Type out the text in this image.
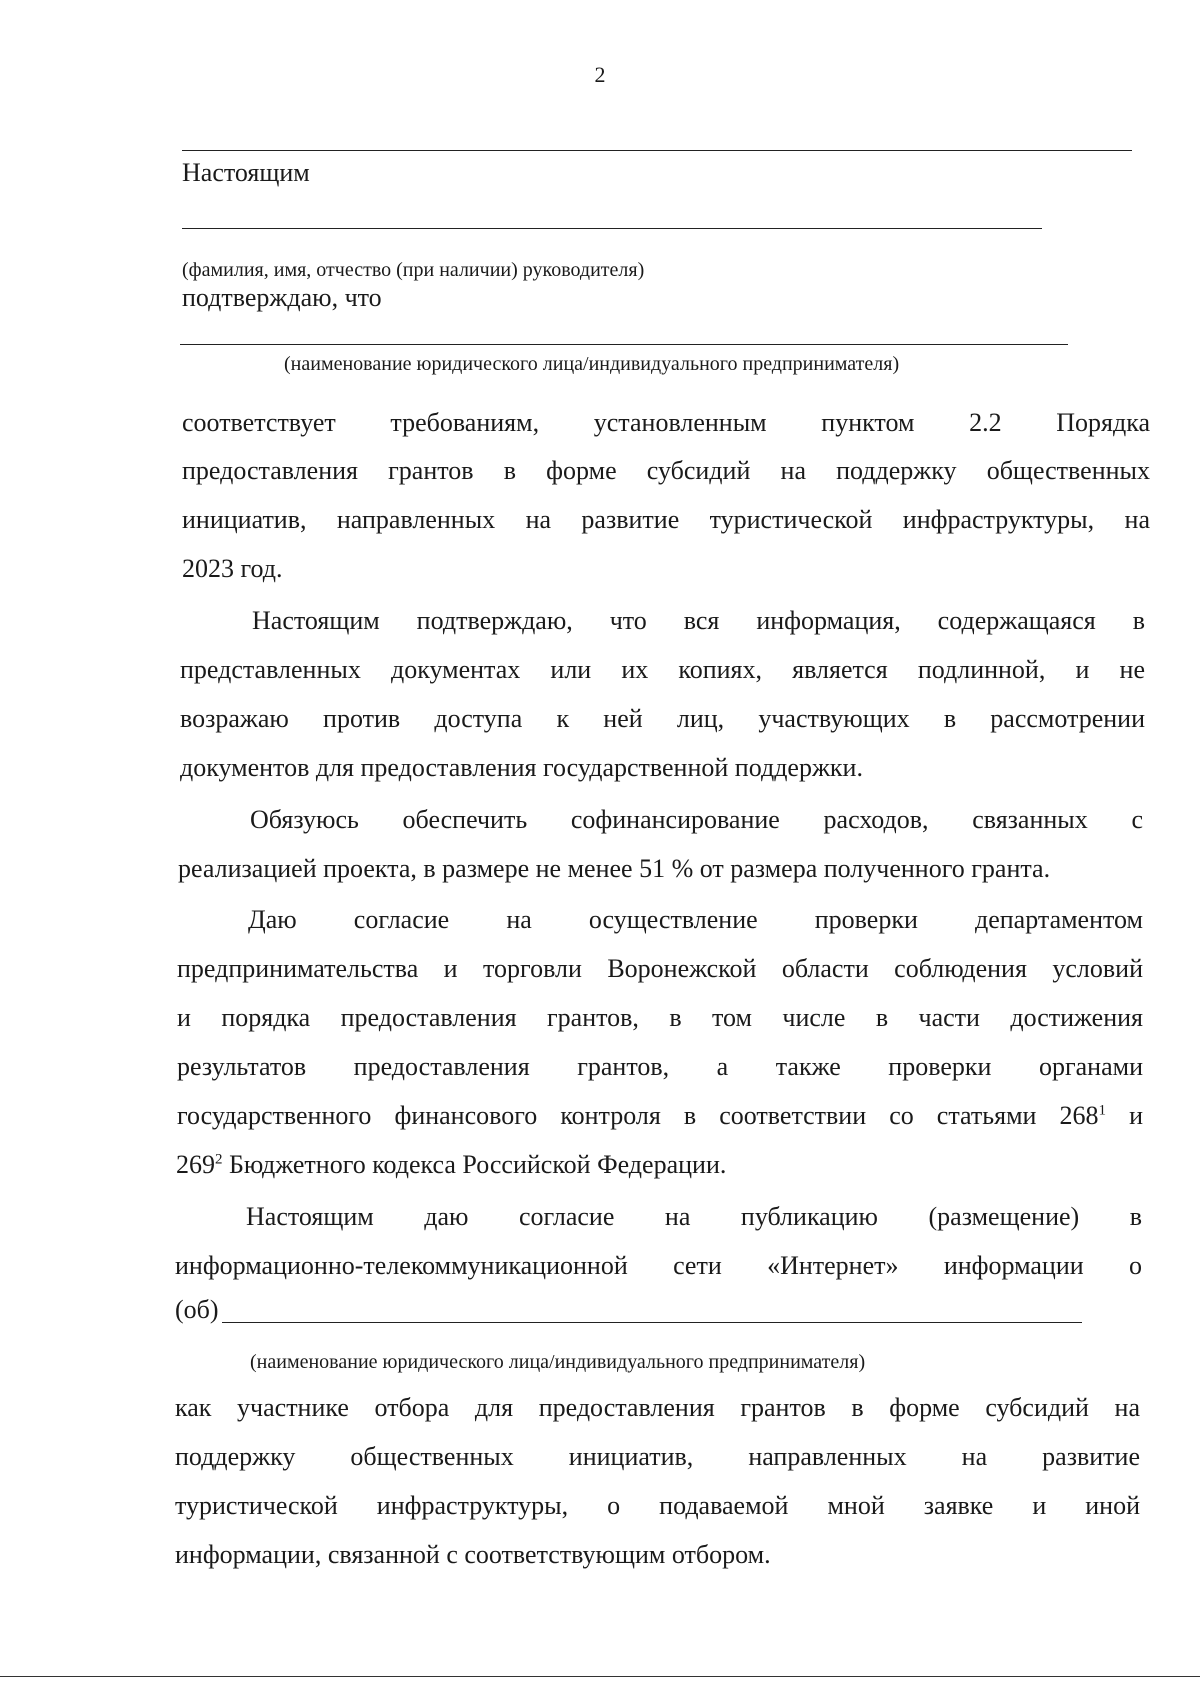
2
Настоящим
(фамилия, имя, отчество (при наличии) руководителя)
подтверждаю, что
(наименование юридического лица/индивидуального предпринимателя)
соответствует требованиям, установленным пунктом 2.2 Порядка
предоставления грантов в форме субсидий на поддержку общественных
инициатив, направленных на развитие туристической инфраструктуры, на
2023 год.
Настоящим подтверждаю, что вся информация, содержащаяся в
представленных документах или их копиях, является подлинной, и не
возражаю против доступа к ней лиц, участвующих в рассмотрении
документов для предоставления государственной поддержки.
Обязуюсь обеспечить софинансирование расходов, связанных с
реализацией проекта, в размере не менее 51 % от размера полученного гранта.
Даю согласие на осуществление проверки департаментом
предпринимательства и торговли Воронежской области соблюдения условий
и порядка предоставления грантов, в том числе в части достижения
результатов предоставления грантов, а также проверки органами
государственного финансового контроля в соответствии со статьями $268^1$ и
$269^2$ Бюджетного кодекса Российской Федерации.
Настоящим даю согласие на публикацию (размещение) в
информационно-телекоммуникационной сети «Интернет» информации о
(об)
(наименование юридического лица/индивидуального предпринимателя)
как участнике отбора для предоставления грантов в форме субсидий на
поддержку общественных инициатив, направленных на развитие
туристической инфраструктуры, о подаваемой мной заявке и иной
информации, связанной с соответствующим отбором.
